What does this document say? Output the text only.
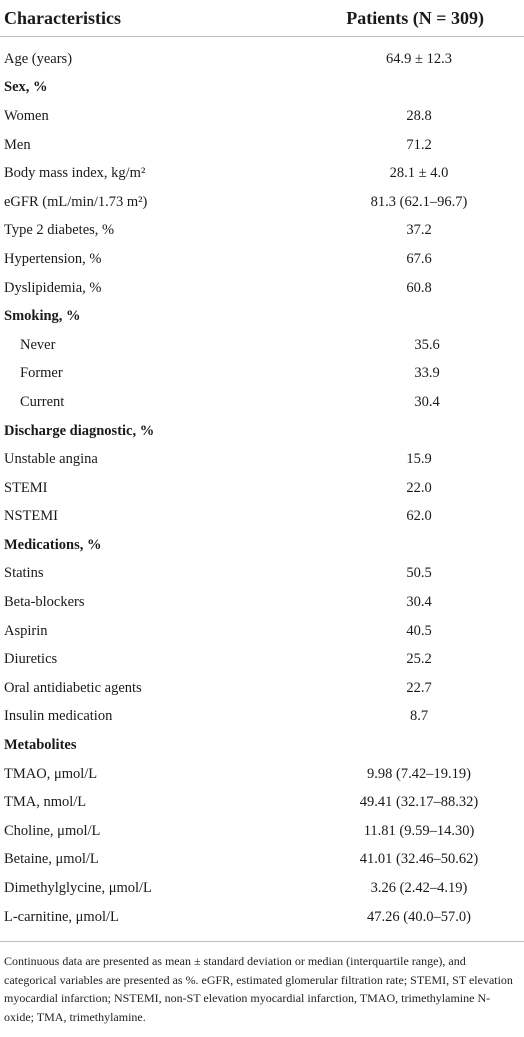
Characteristics	Patients (N = 309)
Age (years)	64.9 ± 12.3
Sex, %
Women	28.8
Men	71.2
Body mass index, kg/m²	28.1 ± 4.0
eGFR (mL/min/1.73 m²)	81.3 (62.1–96.7)
Type 2 diabetes, %	37.2
Hypertension, %	67.6
Dyslipidemia, %	60.8
Smoking, %
Never	35.6
Former	33.9
Current	30.4
Discharge diagnostic, %
Unstable angina	15.9
STEMI	22.0
NSTEMI	62.0
Medications, %
Statins	50.5
Beta-blockers	30.4
Aspirin	40.5
Diuretics	25.2
Oral antidiabetic agents	22.7
Insulin medication	8.7
Metabolites
TMAO, μmol/L	9.98 (7.42–19.19)
TMA, nmol/L	49.41 (32.17–88.32)
Choline, μmol/L	11.81 (9.59–14.30)
Betaine, μmol/L	41.01 (32.46–50.62)
Dimethylglycine, μmol/L	3.26 (2.42–4.19)
L-carnitine, μmol/L	47.26 (40.0–57.0)
Continuous data are presented as mean ± standard deviation or median (interquartile range), and categorical variables are presented as %. eGFR, estimated glomerular filtration rate; STEMI, ST elevation myocardial infarction; NSTEMI, non-ST elevation myocardial infarction, TMAO, trimethylamine N-oxide; TMA, trimethylamine.
